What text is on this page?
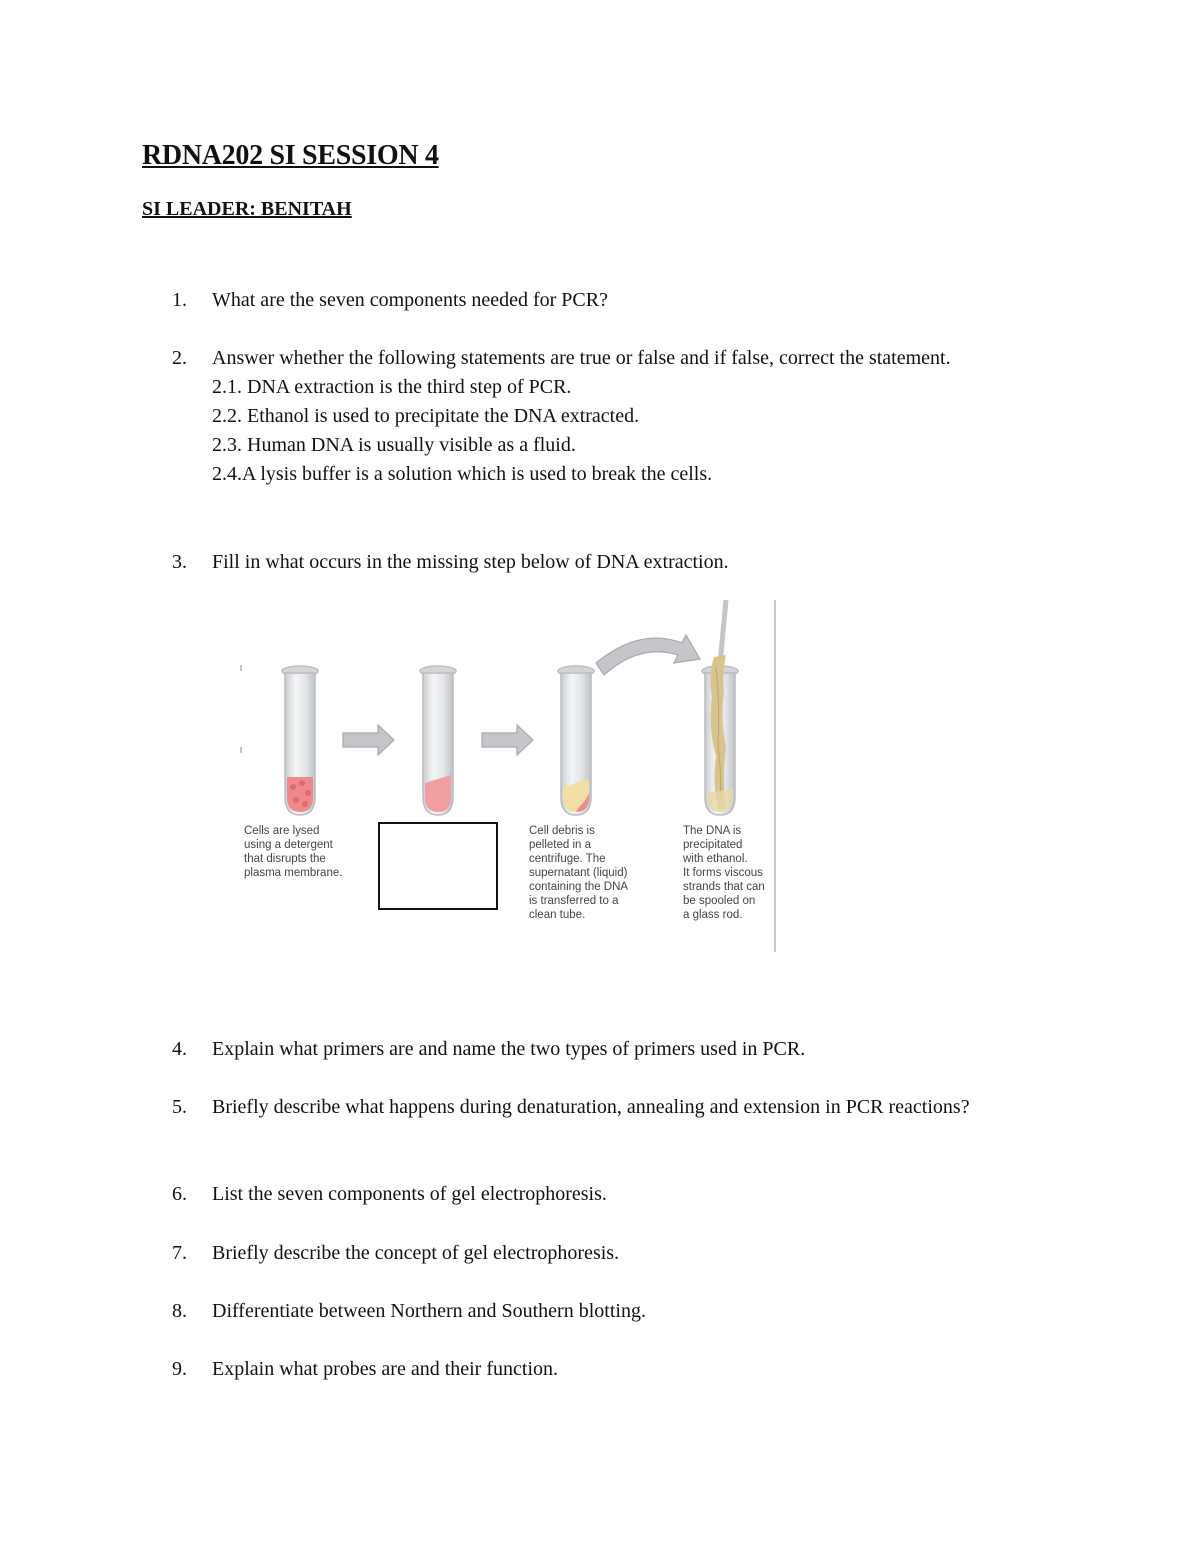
RDNA202 SI SESSION 4
SI LEADER: BENITAH
1. What are the seven components needed for PCR?
2. Answer whether the following statements are true or false and if false, correct the statement.
2.1. DNA extraction is the third step of PCR.
2.2. Ethanol is used to precipitate the DNA extracted.
2.3. Human DNA is usually visible as a fluid.
2.4.A lysis buffer is a solution which is used to break the cells.
3. Fill in what occurs in the missing step below of DNA extraction.
Cells are lysed
using a detergent
that disrupts the
plasma membrane.
Cell debris is
pelleted in a
centrifuge. The
supernatant (liquid)
containing the DNA
is transferred to a
clean tube.
The DNA is
precipitated
with ethanol.
It forms viscous
strands that can
be spooled on
a glass rod.
4. Explain what primers are and name the two types of primers used in PCR.
5. Briefly describe what happens during denaturation, annealing and extension in PCR reactions?
6. List the seven components of gel electrophoresis.
7. Briefly describe the concept of gel electrophoresis.
8. Differentiate between Northern and Southern blotting.
9. Explain what probes are and their function.
